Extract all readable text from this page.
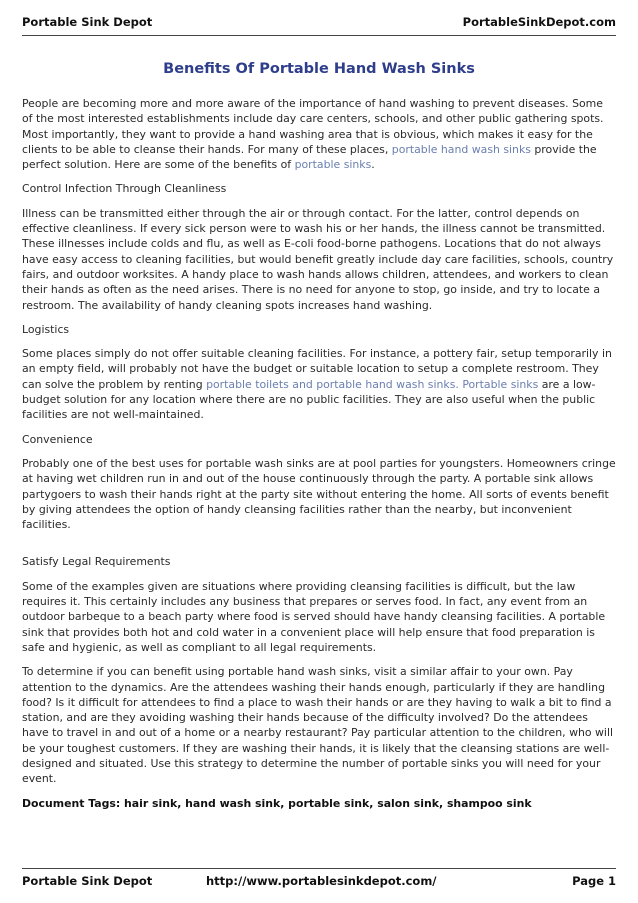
Portable Sink Depot	PortableSinkDepot.com
Benefits Of Portable Hand Wash Sinks

People are becoming more and more aware of the importance of hand washing to prevent diseases. Some of the most interested establishments include day care centers, schools, and other public gathering spots. Most importantly, they want to provide a hand washing area that is obvious, which makes it easy for the clients to be able to cleanse their hands. For many of these places, portable hand wash sinks provide the perfect solution. Here are some of the benefits of portable sinks.

Control Infection Through Cleanliness

Illness can be transmitted either through the air or through contact. For the latter, control depends on effective cleanliness. If every sick person were to wash his or her hands, the illness cannot be transmitted. These illnesses include colds and flu, as well as E-coli food-borne pathogens. Locations that do not always have easy access to cleaning facilities, but would benefit greatly include day care facilities, schools, country fairs, and outdoor worksites. A handy place to wash hands allows children, attendees, and workers to clean their hands as often as the need arises. There is no need for anyone to stop, go inside, and try to locate a restroom. The availability of handy cleaning spots increases hand washing.

Logistics

Some places simply do not offer suitable cleaning facilities. For instance, a pottery fair, setup temporarily in an empty field, will probably not have the budget or suitable location to setup a complete restroom. They can solve the problem by renting portable toilets and portable hand wash sinks. Portable sinks are a low-budget solution for any location where there are no public facilities. They are also useful when the public facilities are not well-maintained.

Convenience

Probably one of the best uses for portable wash sinks are at pool parties for youngsters. Homeowners cringe at having wet children run in and out of the house continuously through the party. A portable sink allows partygoers to wash their hands right at the party site without entering the home. All sorts of events benefit by giving attendees the option of handy cleansing facilities rather than the nearby, but inconvenient facilities.

Satisfy Legal Requirements

Some of the examples given are situations where providing cleansing facilities is difficult, but the law requires it. This certainly includes any business that prepares or serves food. In fact, any event from an outdoor barbeque to a beach party where food is served should have handy cleansing facilities. A portable sink that provides both hot and cold water in a convenient place will help ensure that food preparation is safe and hygienic, as well as compliant to all legal requirements.

To determine if you can benefit using portable hand wash sinks, visit a similar affair to your own. Pay attention to the dynamics. Are the attendees washing their hands enough, particularly if they are handling food? Is it difficult for attendees to find a place to wash their hands or are they having to walk a bit to find a station, and are they avoiding washing their hands because of the difficulty involved? Do the attendees have to travel in and out of a home or a nearby restaurant? Pay particular attention to the children, who will be your toughest customers. If they are washing their hands, it is likely that the cleansing stations are well-designed and situated. Use this strategy to determine the number of portable sinks you will need for your event.

Document Tags: hair sink, hand wash sink, portable sink, salon sink, shampoo sink

Portable Sink Depot	http://www.portablesinkdepot.com/	Page 1
